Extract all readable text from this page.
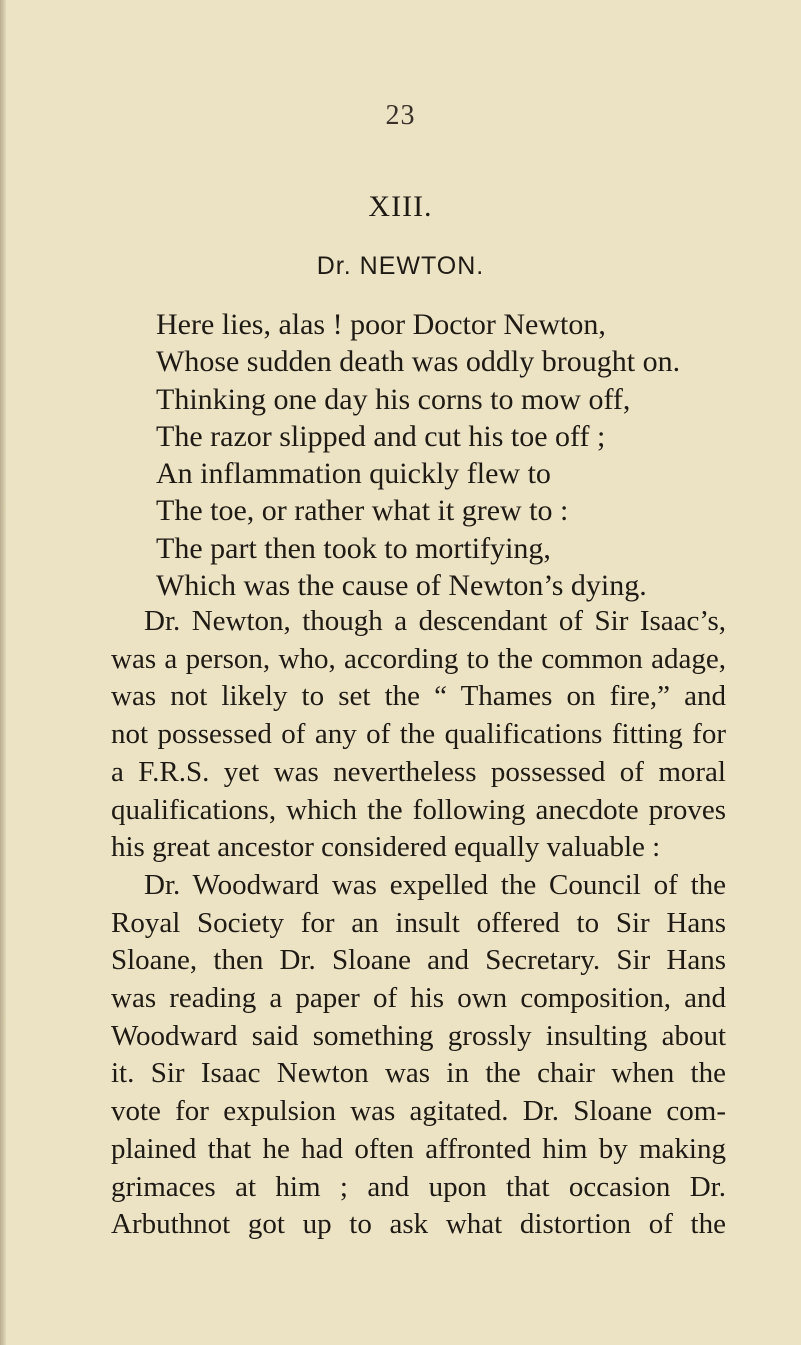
23
XIII.
Dr. NEWTON.
Here lies, alas ! poor Doctor Newton,
Whose sudden death was oddly brought on.
Thinking one day his corns to mow off,
The razor slipped and cut his toe off ;
An inflammation quickly flew to
The toe, or rather what it grew to :
The part then took to mortifying,
Which was the cause of Newton’s dying.
Dr. Newton, though a descendant of Sir Isaac’s,
was a person, who, according to the common adage,
was not likely to set the “ Thames on fire,” and
not possessed of any of the qualifications fitting for
a F.R.S. yet was nevertheless possessed of moral
qualifications, which the following anecdote proves
his great ancestor considered equally valuable :
Dr. Woodward was expelled the Council of the
Royal Society for an insult offered to Sir Hans
Sloane, then Dr. Sloane and Secretary. Sir Hans
was reading a paper of his own composition, and
Woodward said something grossly insulting about
it. Sir Isaac Newton was in the chair when the
vote for expulsion was agitated. Dr. Sloane com-
plained that he had often affronted him by making
grimaces at him ; and upon that occasion Dr.
Arbuthnot got up to ask what distortion of the
